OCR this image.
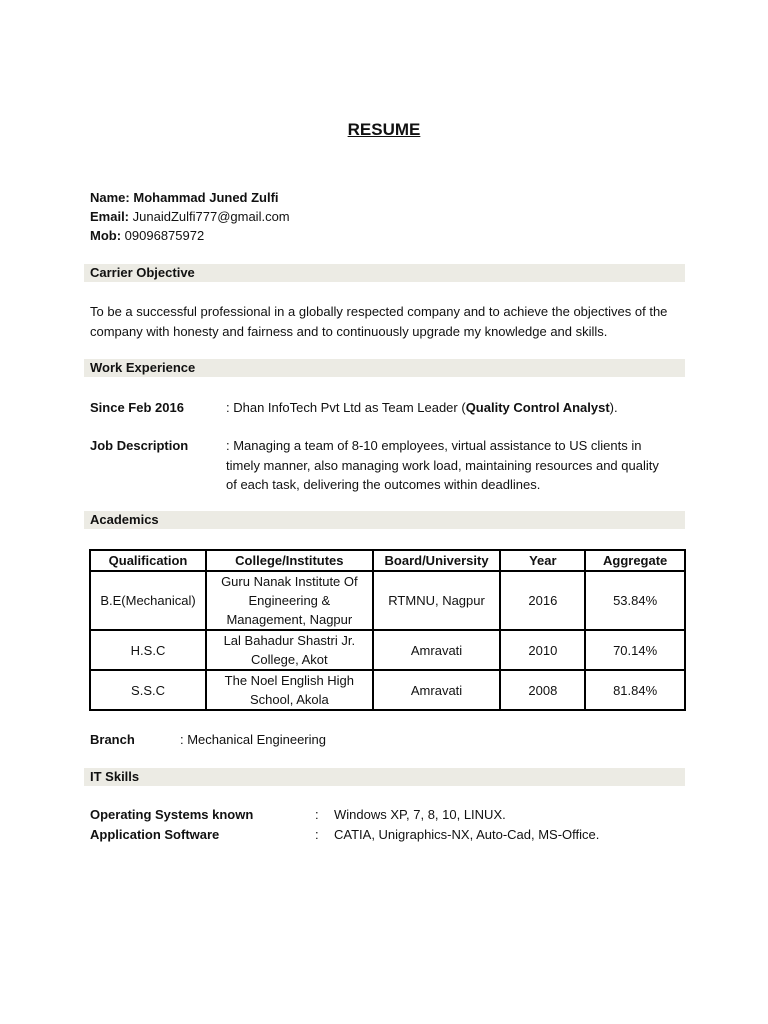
RESUME
Name: Mohammad Juned Zulfi
Email: JunaidZulfi777@gmail.com
Mob: 09096875972
Carrier Objective
To be a successful professional in a globally respected company and to achieve the objectives of the company with honesty and fairness and to continuously upgrade my knowledge and skills.
Work Experience
Since Feb 2016	: Dhan InfoTech Pvt Ltd as Team Leader (Quality Control Analyst).
Job Description	: Managing a team of 8-10 employees, virtual assistance to US clients in timely manner, also managing work load, maintaining resources and quality of each task, delivering the outcomes within deadlines.
Academics
Qualification	College/Institutes	Board/University	Year	Aggregate
B.E(Mechanical)	Guru Nanak Institute Of Engineering & Management, Nagpur	RTMNU, Nagpur	2016	53.84%
H.S.C	Lal Bahadur Shastri Jr. College, Akot	Amravati	2010	70.14%
S.S.C	The Noel English High School, Akola	Amravati	2008	81.84%
Branch	: Mechanical Engineering
IT Skills
Operating Systems known	: Windows XP, 7, 8, 10, LINUX.
Application Software	: CATIA, Unigraphics-NX, Auto-Cad, MS-Office.
